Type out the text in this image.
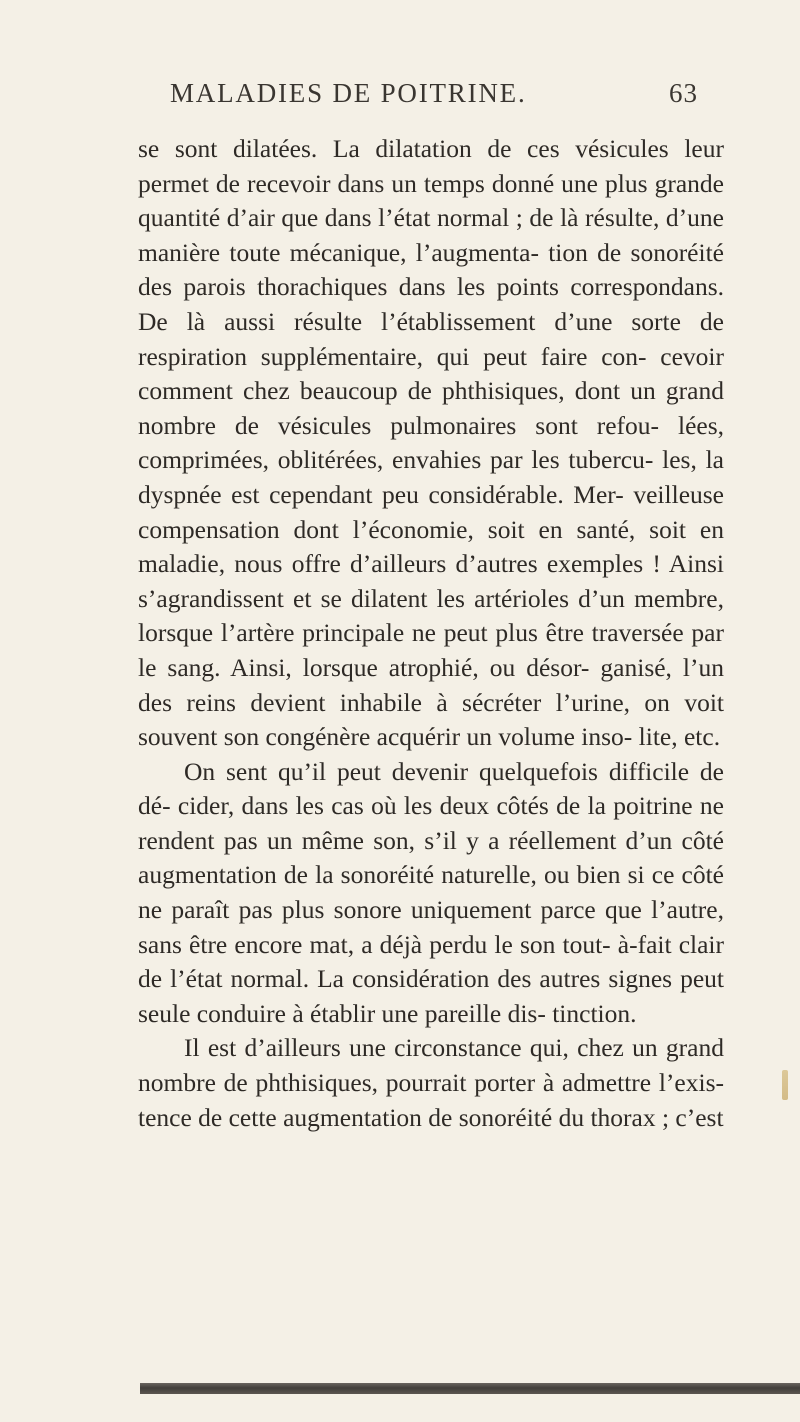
MALADIES DE POITRINE.	63

se sont dilatées. La dilatation de ces vésicules leur permet de recevoir dans un temps donné une plus grande quantité d’air que dans l’état normal ; de là résulte, d’une manière toute mécanique, l’augmenta- tion de sonoréité des parois thorachiques dans les points correspondans. De là aussi résulte l’établissement d’une sorte de respiration supplémentaire, qui peut faire con- cevoir comment chez beaucoup de phthisiques, dont un grand nombre de vésicules pulmonaires sont refou- lées, comprimées, oblitérées, envahies par les tubercu- les, la dyspnée est cependant peu considérable. Mer- veilleuse compensation dont l’économie, soit en santé, soit en maladie, nous offre d’ailleurs d’autres exemples ! Ainsi s’agrandissent et se dilatent les artérioles d’un membre, lorsque l’artère principale ne peut plus être traversée par le sang. Ainsi, lorsque atrophié, ou désor- ganisé, l’un des reins devient inhabile à sécréter l’urine, on voit souvent son congénère acquérir un volume inso- lite, etc.

On sent qu’il peut devenir quelquefois difficile de dé- cider, dans les cas où les deux côtés de la poitrine ne rendent pas un même son, s’il y a réellement d’un côté augmentation de la sonoréité naturelle, ou bien si ce côté ne paraît pas plus sonore uniquement parce que l’autre, sans être encore mat, a déjà perdu le son tout- à-fait clair de l’état normal. La considération des autres signes peut seule conduire à établir une pareille dis- tinction.

Il est d’ailleurs une circonstance qui, chez un grand nombre de phthisiques, pourrait porter à admettre l’exis- tence de cette augmentation de sonoréité du thorax ; c’est
